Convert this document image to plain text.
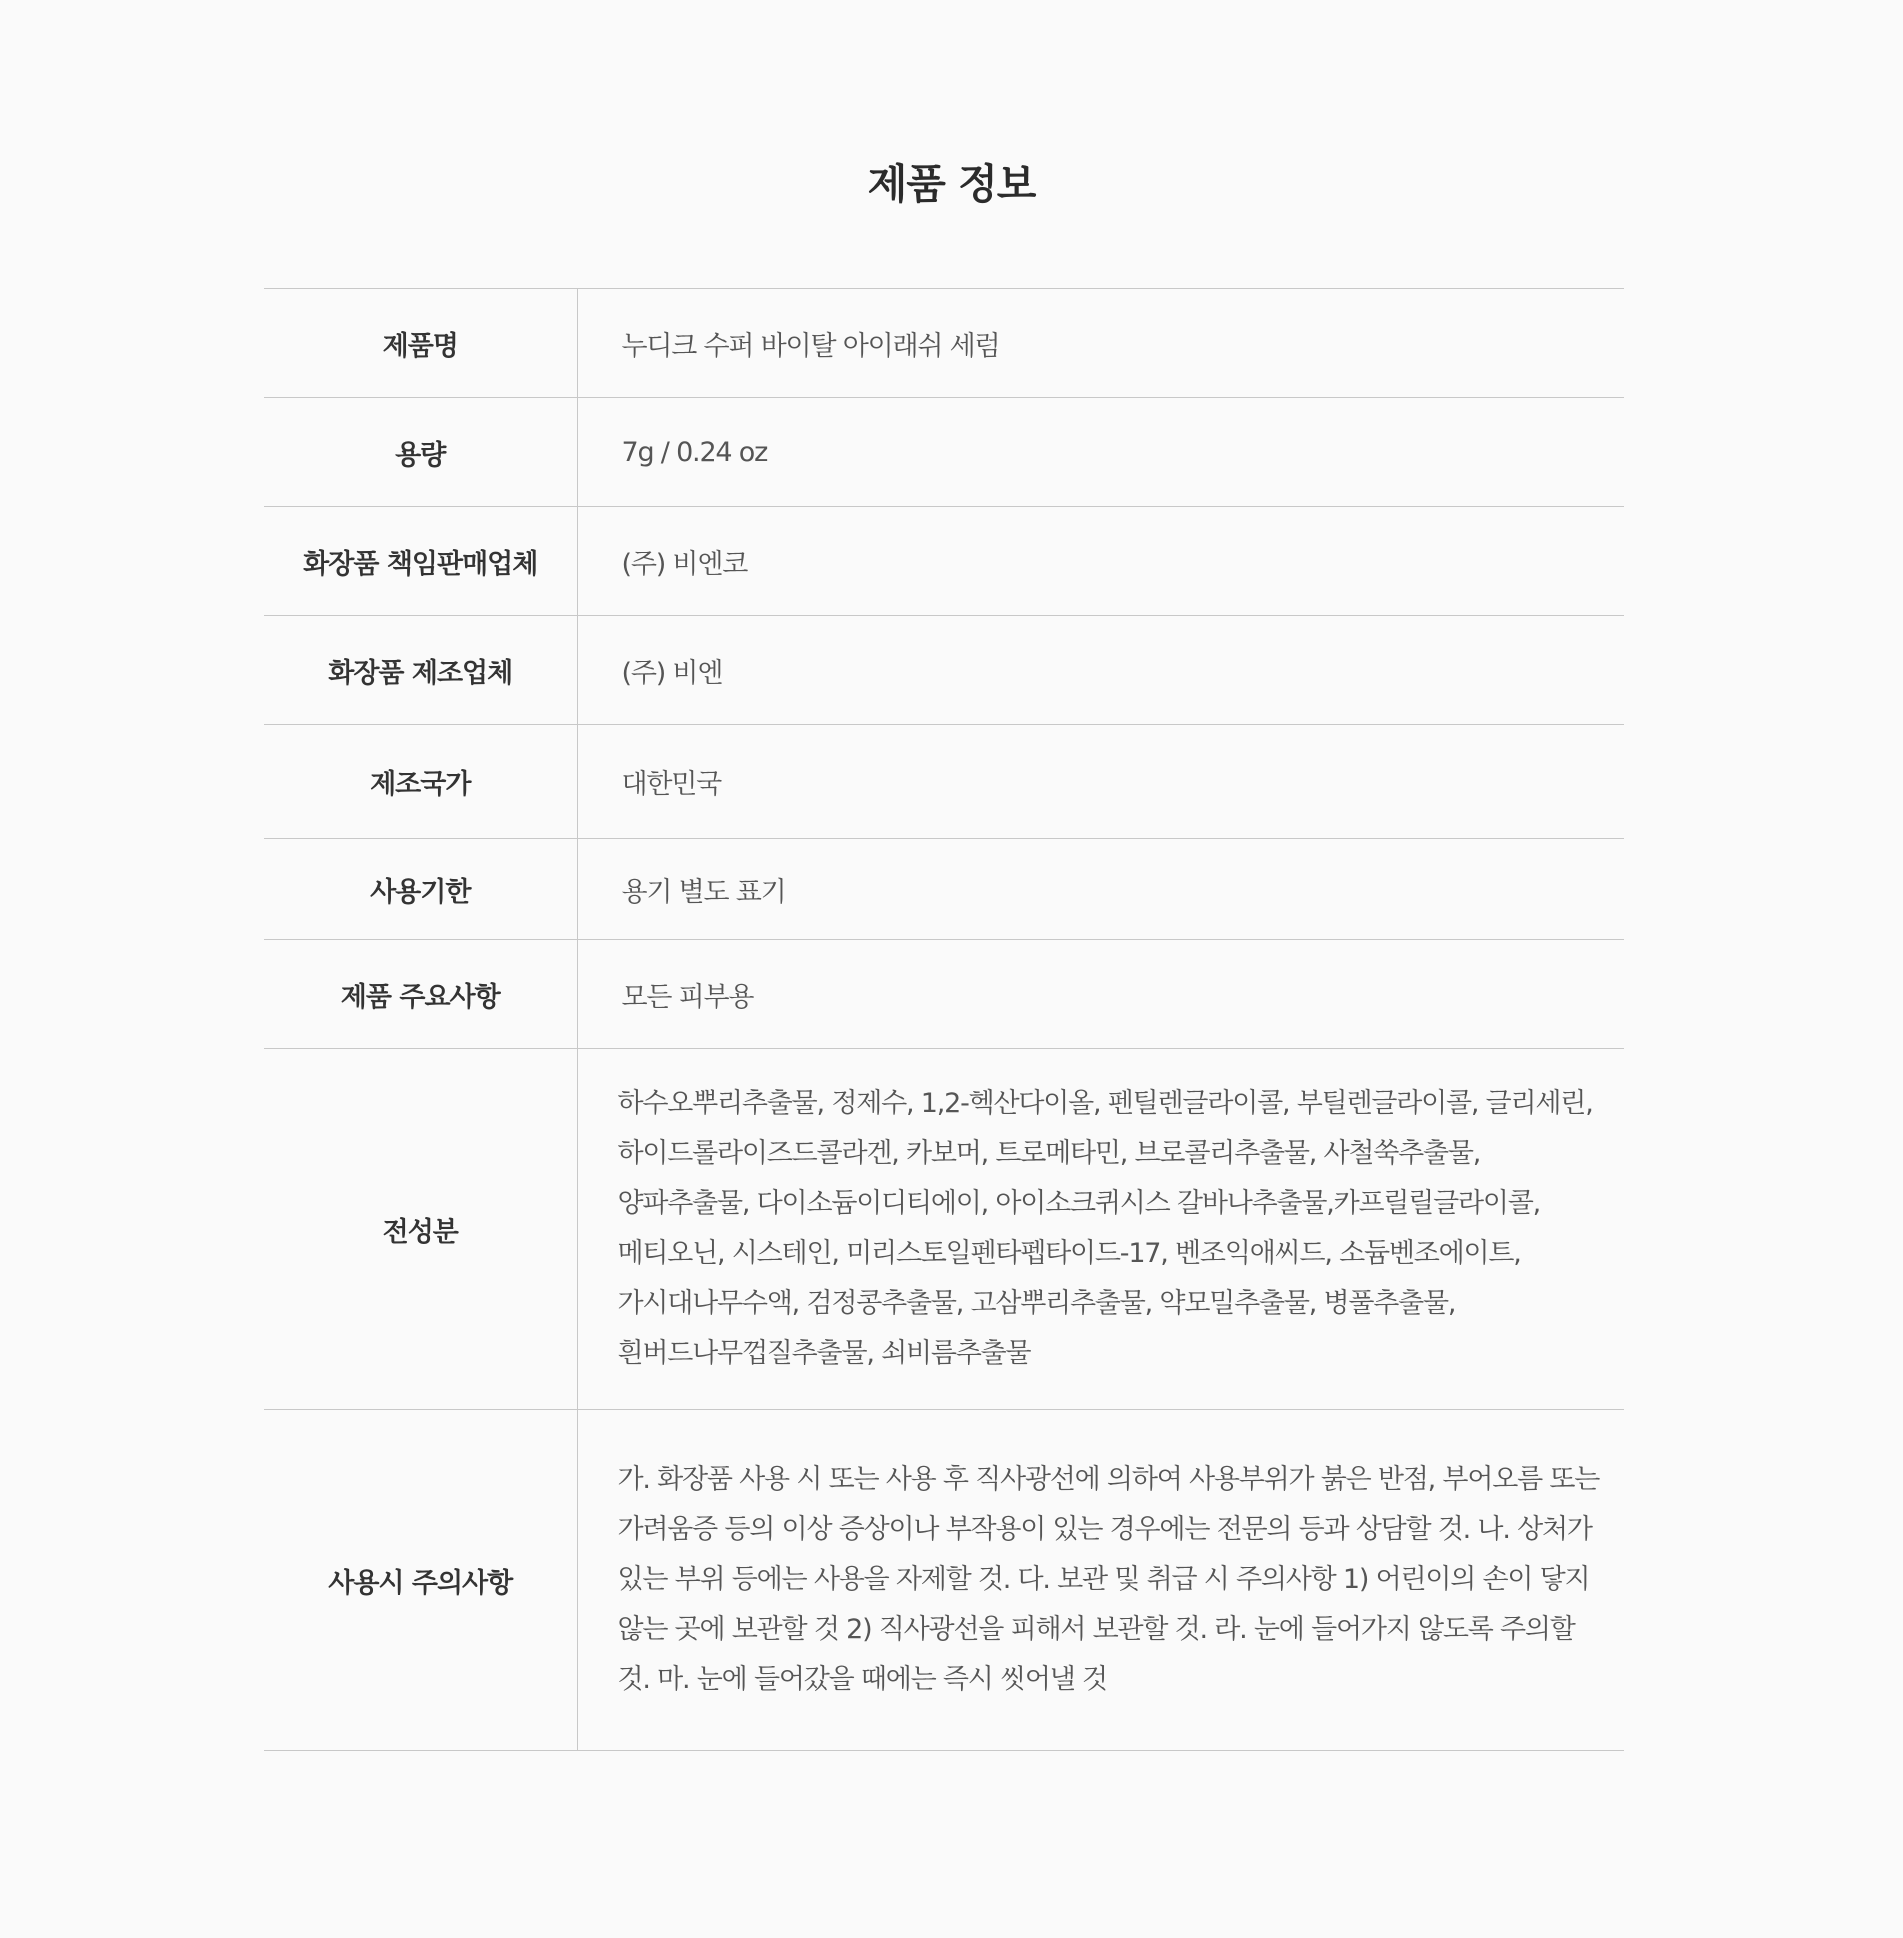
제품 정보
제품명	누디크 수퍼 바이탈 아이래쉬 세럼
용량	7g / 0.24 oz
화장품 책임판매업체	(주) 비엔코
화장품 제조업체	(주) 비엔
제조국가	대한민국
사용기한	용기 별도 표기
제품 주요사항	모든 피부용
전성분	하수오뿌리추출물, 정제수, 1,2-헥산다이올, 펜틸렌글라이콜, 부틸렌글라이콜, 글리세린, 하이드롤라이즈드콜라겐, 카보머, 트로메타민, 브로콜리추출물, 사철쑥추출물, 양파추출물, 다이소듐이디티에이, 아이소크퀴시스 갈바나추출물,카프릴릴글라이콜, 메티오닌, 시스테인, 미리스토일펜타펩타이드-17, 벤조익애씨드, 소듐벤조에이트, 가시대나무수액, 검정콩추출물, 고삼뿌리추출물, 약모밀추출물, 병풀추출물, 흰버드나무껍질추출물, 쇠비름추출물
사용시 주의사항	가. 화장품 사용 시 또는 사용 후 직사광선에 의하여 사용부위가 붉은 반점, 부어오름 또는 가려움증 등의 이상 증상이나 부작용이 있는 경우에는 전문의 등과 상담할 것. 나. 상처가 있는 부위 등에는 사용을 자제할 것. 다. 보관 및 취급 시 주의사항 1) 어린이의 손이 닿지 않는 곳에 보관할 것 2) 직사광선을 피해서 보관할 것. 라. 눈에 들어가지 않도록 주의할 것. 마. 눈에 들어갔을 때에는 즉시 씻어낼 것
